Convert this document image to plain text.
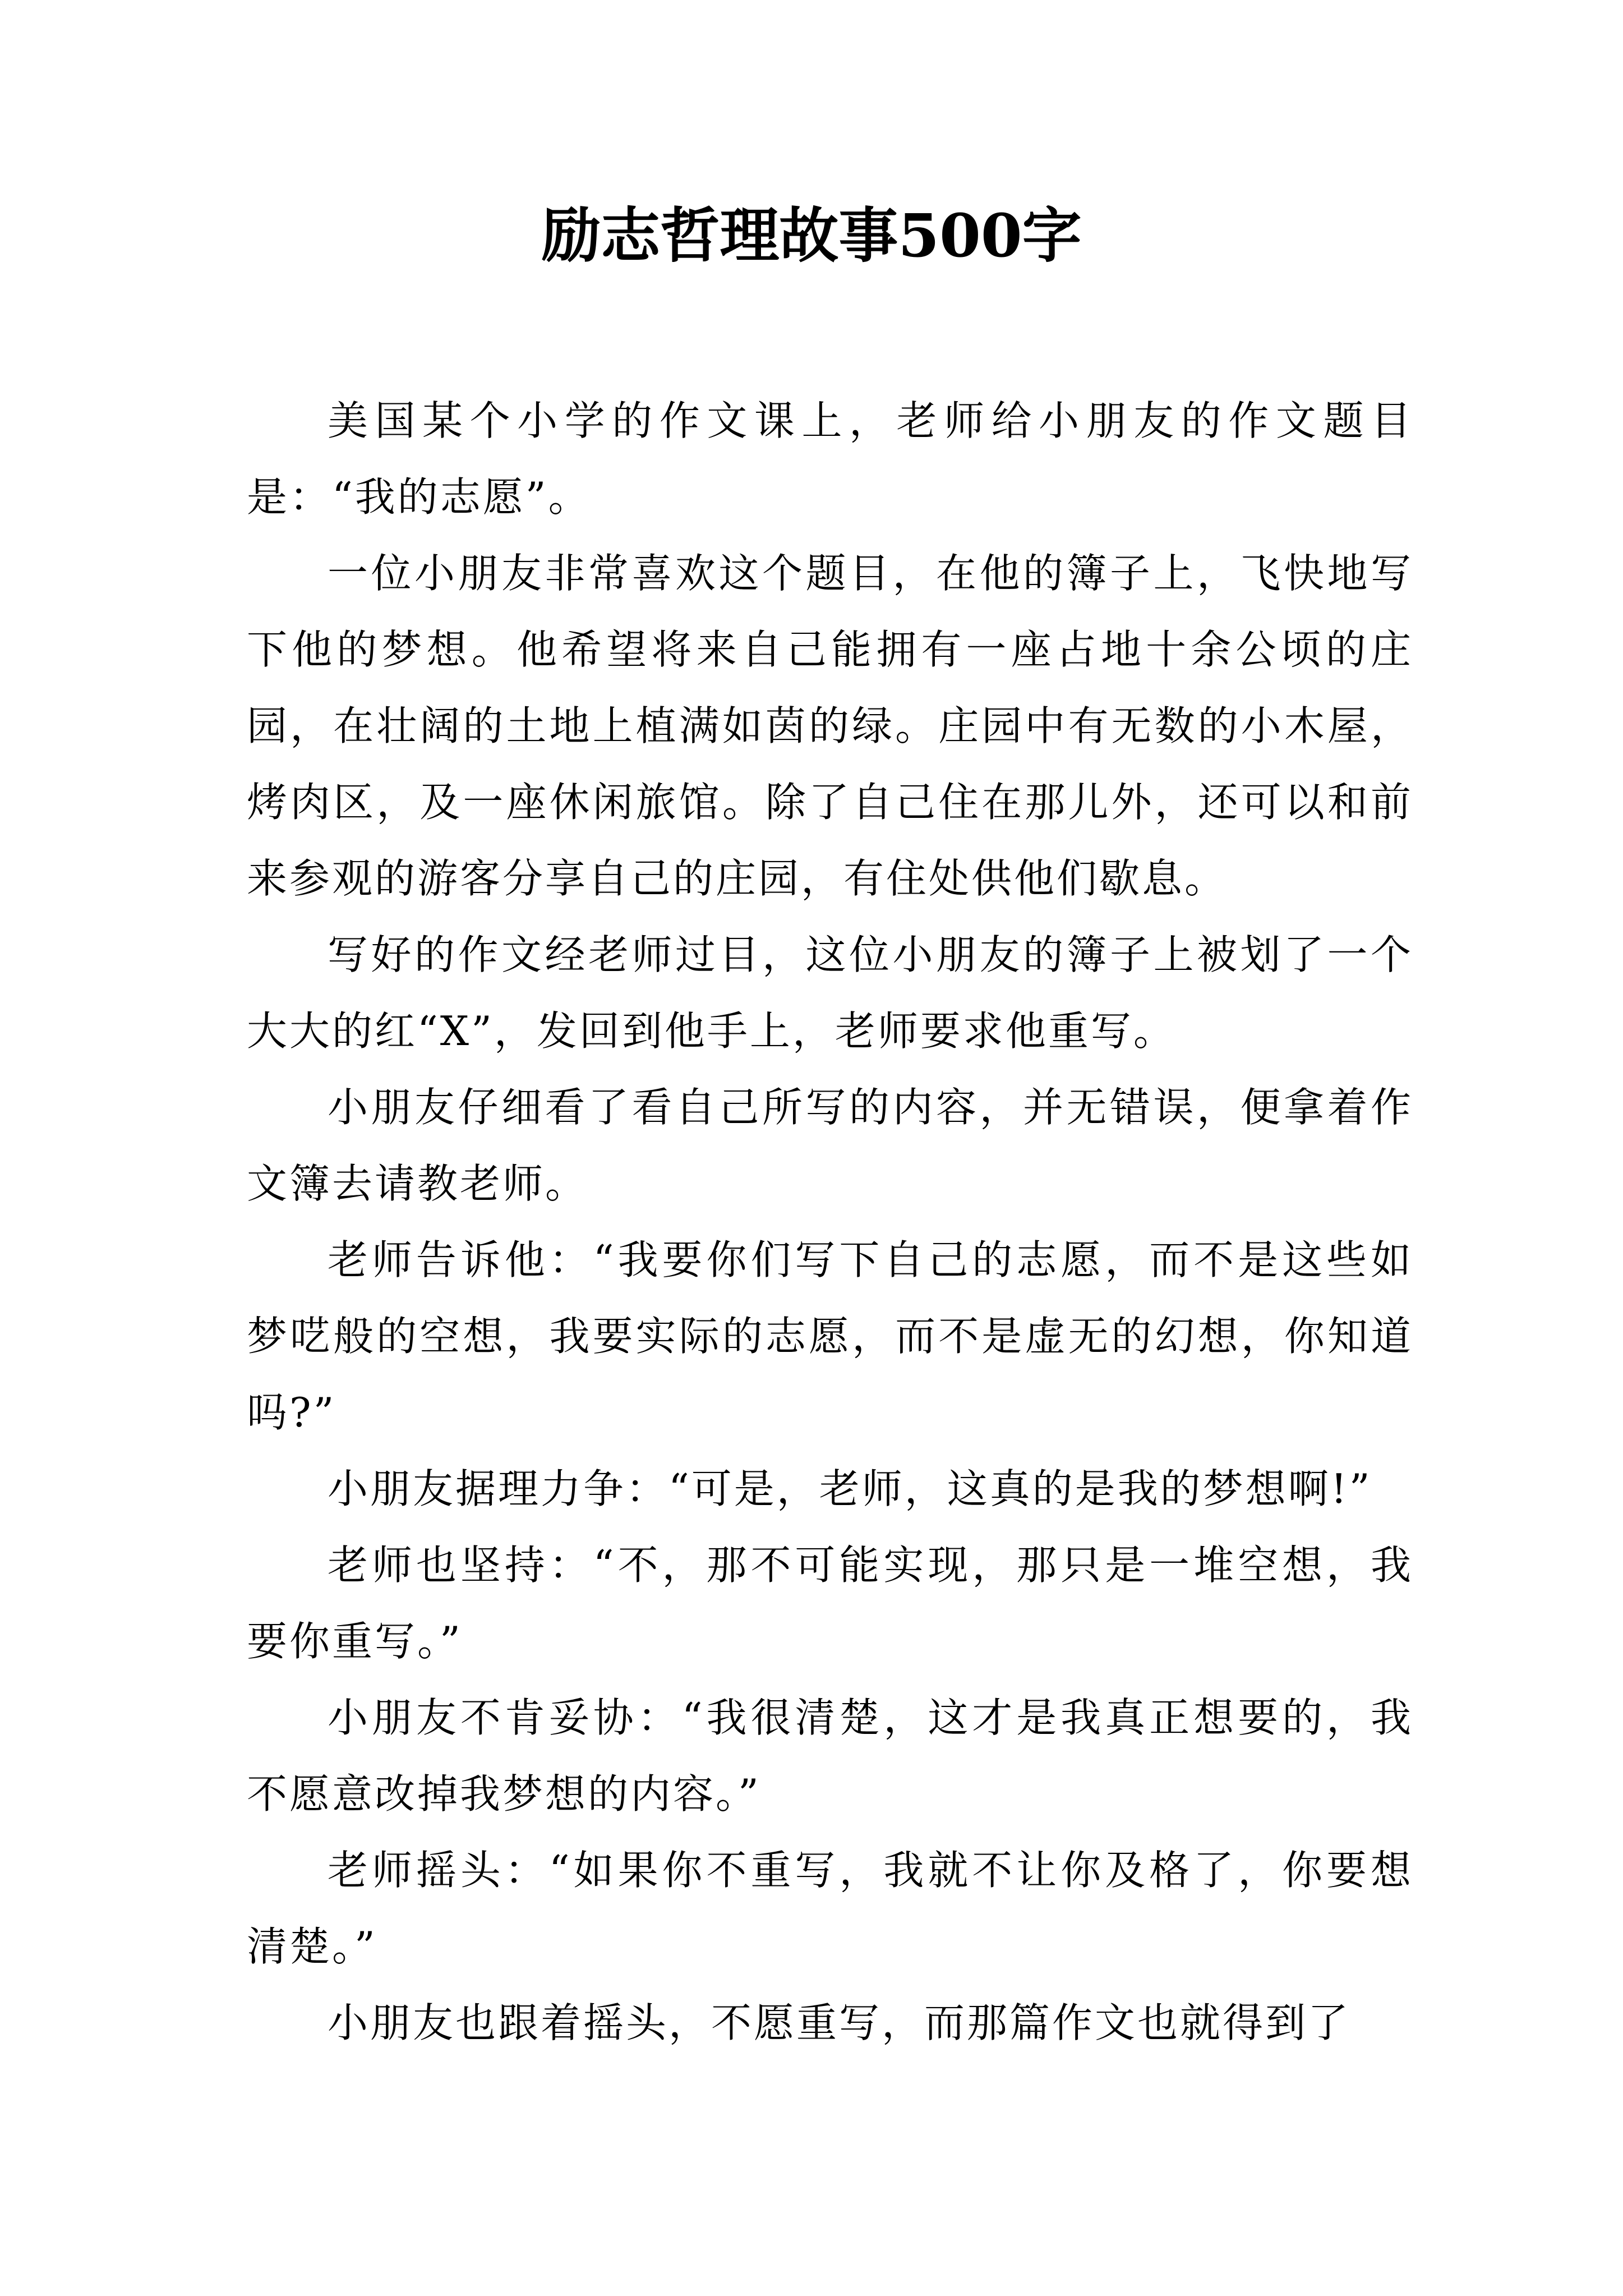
励志哲理故事500字

美国某个小学的作文课上，老师给小朋友的作文题目是：“我的志愿”。

一位小朋友非常喜欢这个题目，在他的簿子上，飞快地写下他的梦想。他希望将来自己能拥有一座占地十余公顷的庄园，在壮阔的土地上植满如茵的绿。庄园中有无数的小木屋，烤肉区，及一座休闲旅馆。除了自己住在那儿外，还可以和前来参观的游客分享自己的庄园，有住处供他们歇息。

写好的作文经老师过目，这位小朋友的簿子上被划了一个大大的红“X”，发回到他手上，老师要求他重写。

小朋友仔细看了看自己所写的内容，并无错误，便拿着作文簿去请教老师。

老师告诉他：“我要你们写下自己的志愿，而不是这些如梦呓般的空想，我要实际的志愿，而不是虚无的幻想，你知道吗?”

小朋友据理力争：“可是，老师，这真的是我的梦想啊!”

老师也坚持：“不，那不可能实现，那只是一堆空想，我要你重写。”

小朋友不肯妥协：“我很清楚，这才是我真正想要的，我不愿意改掉我梦想的内容。”

老师摇头：“如果你不重写，我就不让你及格了，你要想清楚。”

小朋友也跟着摇头，不愿重写，而那篇作文也就得到了
